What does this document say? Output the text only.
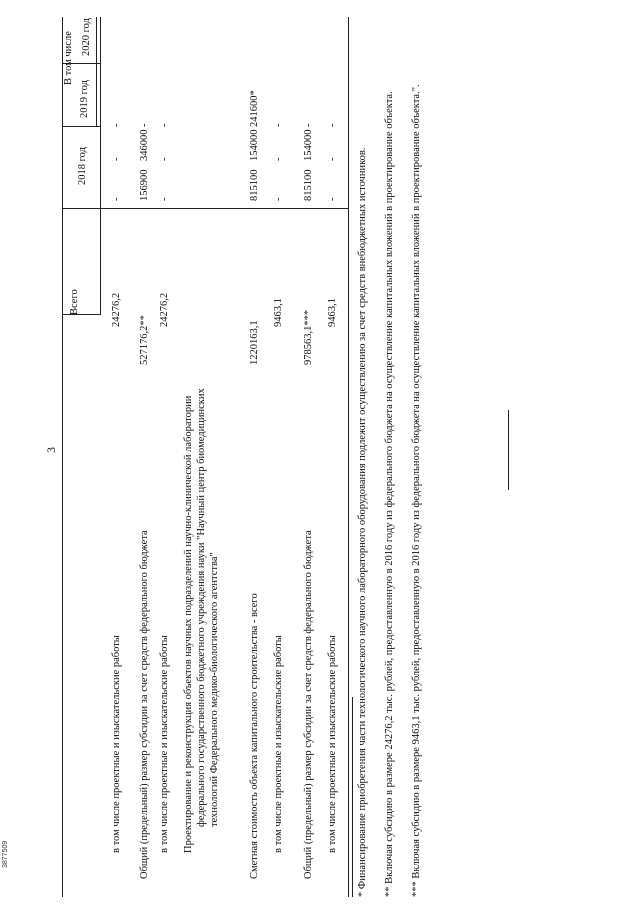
3
Всего
В том числе
2018 год
2019 год
2020 год
в том числе проектные и изыскательские работы
24276,2
-
-
-
Общий (предельный) размер субсидии за счет средств федерального бюджета
527176,2**
156900
346000
-
в том числе проектные и изыскательские работы
24276,2
-
-
-
Проектирование и реконструкция объектов научных подразделений научно-клинической лаборатории федерального государственного бюджетного учреждения науки "Научный центр биомедицинских технологий Федерального медико-биологического агентства"	Сметная стоимость объекта капитального строительства - всего
1220163,1
815100
154000
241600*
в том числе проектные и изыскательские работы
9463,1
-
-
-
Общий (предельный) размер субсидии за счет средств федерального бюджета
978563,1***
815100
154000
-
в том числе проектные и изыскательские работы
9463,1
-
-
-
* Финансирование приобретения части технологического научного лабораторного оборудования подлежит осуществлению за счет средств внебюджетных источников. ** Включая субсидию в размере 24276,2 тыс. рублей, предоставленную в 2016 году из федерального бюджета на осуществление капитальных вложений в проектирование объекта. *** Включая субсидию в размере 9463,1 тыс. рублей, предоставленную в 2016 году из федерального бюджета на осуществление капитальных вложений в проектирование объекта.".
3877509
